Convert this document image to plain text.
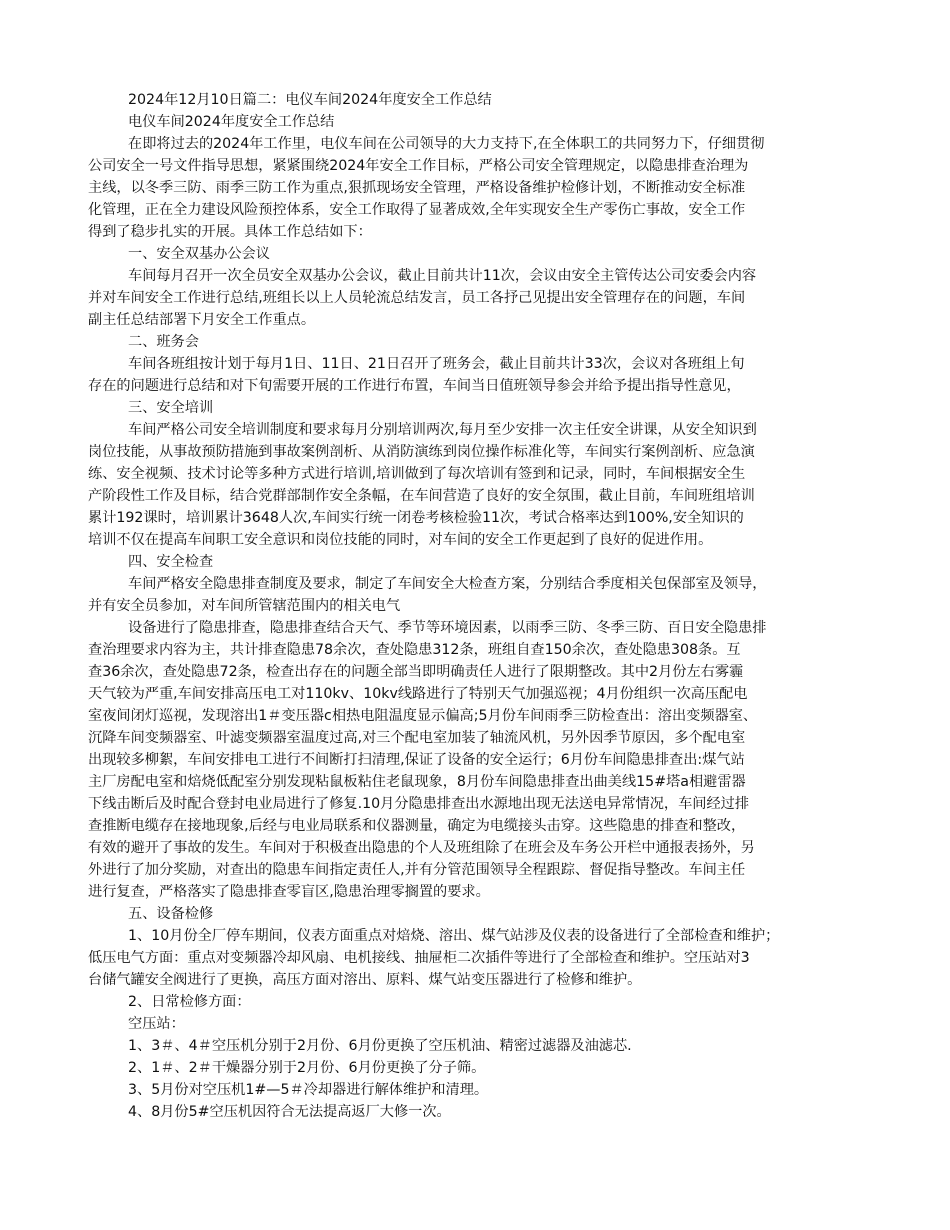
2024年12月10日篇二：电仪车间2024年度安全工作总结
电仪车间2024年度安全工作总结
在即将过去的2024年工作里，电仪车间在公司领导的大力支持下,在全体职工的共同努力下，仔细贯彻
公司安全一号文件指导思想，紧紧围绕2024年安全工作目标，严格公司安全管理规定，以隐患排查治理为
主线，以冬季三防、雨季三防工作为重点,狠抓现场安全管理，严格设备维护检修计划，不断推动安全标准
化管理，正在全力建设风险预控体系，安全工作取得了显著成效,全年实现安全生产零伤亡事故，安全工作
得到了稳步扎实的开展。具体工作总结如下：
一、安全双基办公会议
车间每月召开一次全员安全双基办公会议，截止目前共计11次，会议由安全主管传达公司安委会内容
并对车间安全工作进行总结,班组长以上人员轮流总结发言，员工各抒己见提出安全管理存在的问题，车间
副主任总结部署下月安全工作重点。
二、班务会
车间各班组按计划于每月1日、11日、21日召开了班务会，截止目前共计33次，会议对各班组上旬
存在的问题进行总结和对下旬需要开展的工作进行布置，车间当日值班领导参会并给予提出指导性意见，
三、安全培训
车间严格公司安全培训制度和要求每月分别培训两次,每月至少安排一次主任安全讲课，从安全知识到
岗位技能，从事故预防措施到事故案例剖析、从消防演练到岗位操作标准化等，车间实行案例剖析、应急演
练、安全视频、技术讨论等多种方式进行培训,培训做到了每次培训有签到和记录，同时，车间根据安全生
产阶段性工作及目标，结合党群部制作安全条幅，在车间营造了良好的安全氛围，截止目前，车间班组培训
累计192课时，培训累计3648人次,车间实行统一闭卷考核检验11次，考试合格率达到100%,安全知识的
培训不仅在提高车间职工安全意识和岗位技能的同时，对车间的安全工作更起到了良好的促进作用。
四、安全检查
车间严格安全隐患排查制度及要求，制定了车间安全大检查方案，分别结合季度相关包保部室及领导，
并有安全员参加，对车间所管辖范围内的相关电气
设备进行了隐患排查，隐患排查结合天气、季节等环境因素，以雨季三防、冬季三防、百日安全隐患排
查治理要求内容为主，共计排查隐患78余次，查处隐患312条，班组自查150余次，查处隐患308条。互
查36余次，查处隐患72条，检查出存在的问题全部当即明确责任人进行了限期整改。其中2月份左右雾霾
天气较为严重,车间安排高压电工对110kv、10kv线路进行了特别天气加强巡视；4月份组织一次高压配电
室夜间闭灯巡视，发现溶出1＃变压器c相热电阻温度显示偏高;5月份车间雨季三防检查出：溶出变频器室、
沉降车间变频器室、叶滤变频器室温度过高,对三个配电室加装了轴流风机，另外因季节原因，多个配电室
出现较多柳絮，车间安排电工进行不间断打扫清理,保证了设备的安全运行；6月份车间隐患排查出:煤气站
主厂房配电室和焙烧低配室分别发现粘鼠板粘住老鼠现象，8月份车间隐患排查出曲美线15#塔a相避雷器
下线击断后及时配合登封电业局进行了修复.10月分隐患排查出水源地出现无法送电异常情况，车间经过排
查推断电缆存在接地现象,后经与电业局联系和仪器测量，确定为电缆接头击穿。这些隐患的排查和整改，
有效的避开了事故的发生。车间对于积极查出隐患的个人及班组除了在班会及车务公开栏中通报表扬外，另
外进行了加分奖励，对查出的隐患车间指定责任人,并有分管范围领导全程跟踪、督促指导整改。车间主任
进行复查，严格落实了隐患排查零盲区,隐患治理零搁置的要求。
五、设备检修
1、10月份全厂停车期间，仪表方面重点对焙烧、溶出、煤气站涉及仪表的设备进行了全部检查和维护；
低压电气方面：重点对变频器冷却风扇、电机接线、抽屉柜二次插件等进行了全部检查和维护。空压站对3
台储气罐安全阀进行了更换，高压方面对溶出、原料、煤气站变压器进行了检修和维护。
2、日常检修方面：
空压站：
1、3＃、4＃空压机分别于2月份、6月份更换了空压机油、精密过滤器及油滤芯.
2、1＃、2＃干燥器分别于2月份、6月份更换了分子筛。
3、5月份对空压机1#—5＃冷却器进行解体维护和清理。
4、8月份5#空压机因符合无法提高返厂大修一次。
